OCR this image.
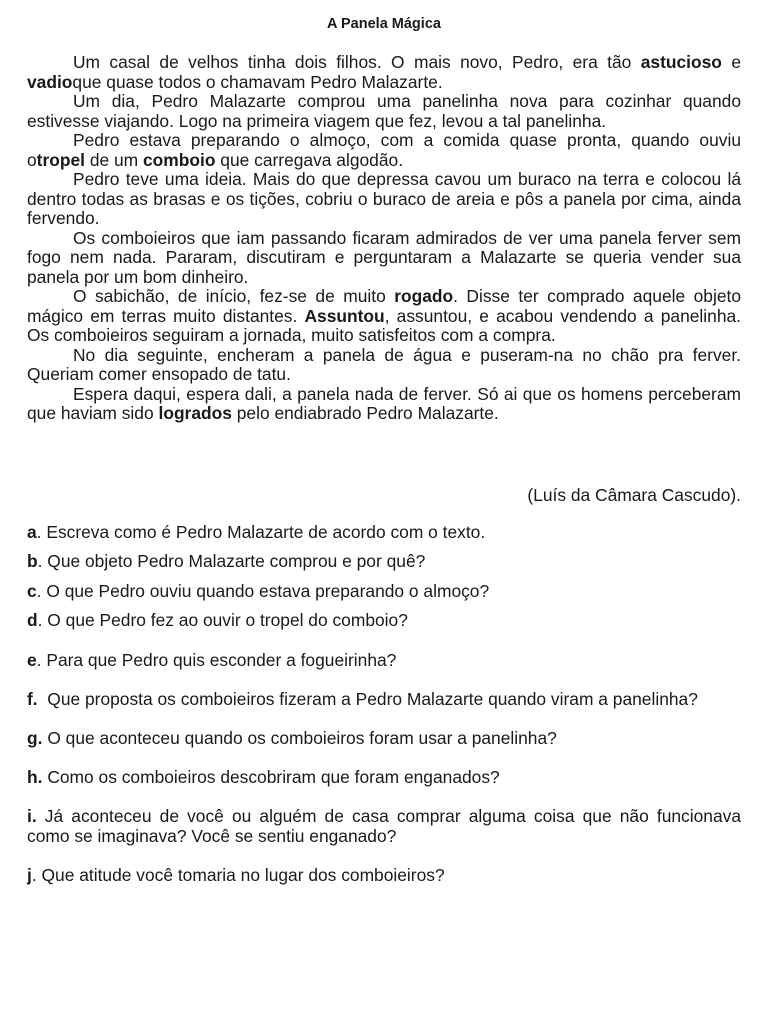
A Panela Mágica

Um casal de velhos tinha dois filhos. O mais novo, Pedro, era tão astucioso e vadioque quase todos o chamavam Pedro Malazarte.

Um dia, Pedro Malazarte comprou uma panelinha nova para cozinhar quando estivesse viajando. Logo na primeira viagem que fez, levou a tal panelinha.

Pedro estava preparando o almoço, com a comida quase pronta, quando ouviu otropel de um comboio que carregava algodão.

Pedro teve uma ideia. Mais do que depressa cavou um buraco na terra e colocou lá dentro todas as brasas e os tições, cobriu o buraco de areia e pôs a panela por cima, ainda fervendo.

Os comboieiros que iam passando ficaram admirados de ver uma panela ferver sem fogo nem nada. Pararam, discutiram e perguntaram a Malazarte se queria vender sua panela por um bom dinheiro.

O sabichão, de início, fez-se de muito rogado. Disse ter comprado aquele objeto mágico em terras muito distantes. Assuntou, assuntou, e acabou vendendo a panelinha. Os comboieiros seguiram a jornada, muito satisfeitos com a compra.

No dia seguinte, encheram a panela de água e puseram-na no chão pra ferver. Queriam comer ensopado de tatu.

Espera daqui, espera dali, a panela nada de ferver. Só ai que os homens perceberam que haviam sido logrados pelo endiabrado Pedro Malazarte.

(Luís da Câmara Cascudo).

a. Escreva como é Pedro Malazarte de acordo com o texto.

b. Que objeto Pedro Malazarte comprou e por quê?

c. O que Pedro ouviu quando estava preparando o almoço?

d. O que Pedro fez ao ouvir o tropel do comboio?

e. Para que Pedro quis esconder a fogueirinha?

f. Que proposta os comboieiros fizeram a Pedro Malazarte quando viram a panelinha?

g. O que aconteceu quando os comboieiros foram usar a panelinha?

h. Como os comboieiros descobriram que foram enganados?

i. Já aconteceu de você ou alguém de casa comprar alguma coisa que não funcionava como se imaginava? Você se sentiu enganado?

j. Que atitude você tomaria no lugar dos comboieiros?
